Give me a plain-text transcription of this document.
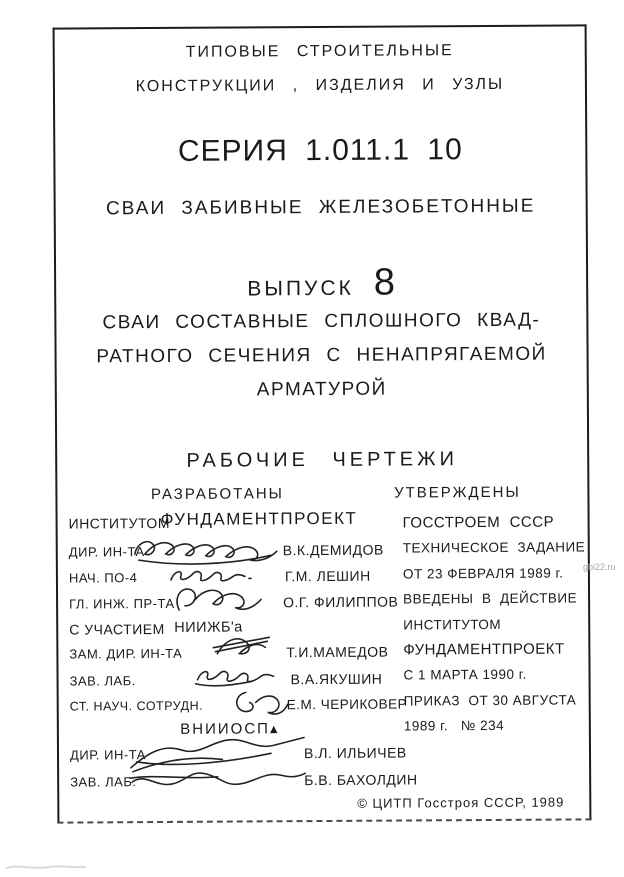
ТИПОВЫЕ СТРОИТЕЛЬНЫЕ
КОНСТРУКЦИИ , ИЗДЕЛИЯ И УЗЛЫ
СЕРИЯ 1.011.1 10
СВАИ ЗАБИВНЫЕ ЖЕЛЕЗОБЕТОННЫЕ
ВЫПУСК 8
СВАИ СОСТАВНЫЕ СПЛОШНОГО КВАД-
РАТНОГО СЕЧЕНИЯ С НЕНАПРЯГАЕМОЙ
АРМАТУРОЙ
РАБОЧИЕ ЧЕРТЕЖИ
РАЗРАБОТАНЫ	УТВЕРЖДЕНЫ
ИНСТИТУТОМ
ФУНДАМЕНТПРОЕКТ
ДИР. ИН-ТА	В.К.ДЕМИДОВ
НАЧ. ПО-4	Г.М. ЛЕШИН
ГЛ. ИНЖ. ПР-ТА	О.Г. ФИЛИППОВ
С УЧАСТИЕМ НИИЖБ'а
ЗАМ. ДИР. ИН-ТА	Т.И.МАМЕДОВ
ЗАВ. ЛАБ.	В.А.ЯКУШИН
СТ. НАУЧ. СОТРУДН.	Е.М. ЧЕРИКОВЕР
ВНИИОСП▴
ДИР. ИН-ТА	В.Л. ИЛЬИЧЕВ
ЗАВ. ЛАБ.	Б.В. БАХОЛДИН
ГОССТРОЕМ  СССР
ТЕХНИЧЕСКОЕ  ЗАДАНИЕ
ОТ 23 ФЕВРАЛЯ 1989 г.
ВВЕДЕНЫ  В  ДЕЙСТВИЕ
ИНСТИТУТОМ
ФУНДАМЕНТПРОЕКТ
С 1 МАРТА 1990 г.
ПРИКАЗ  ОТ 30 АВГУСТА
1989 г.   № 234
© ЦИТП Госстроя СССР, 1989
gbi22.ru
